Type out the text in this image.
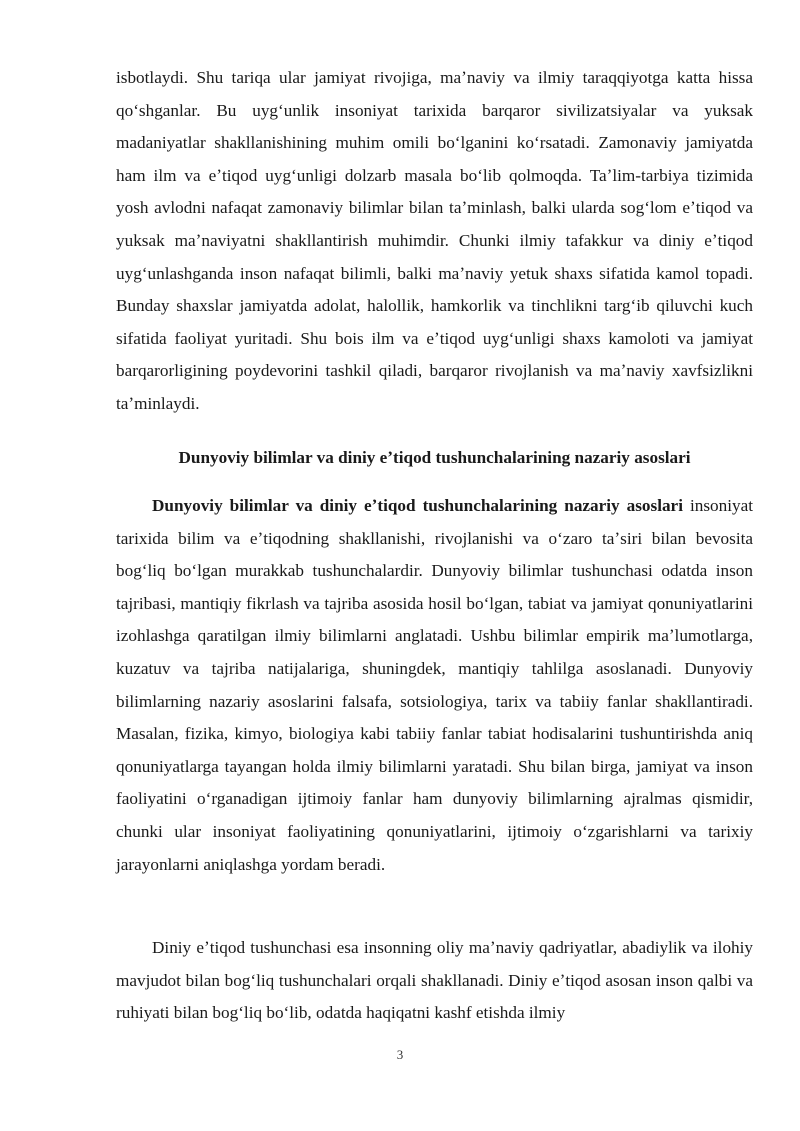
isbotlaydi. Shu tariqa ular jamiyat rivojiga, maʼnaviy va ilmiy taraqqiyotga katta hissa qoʻshganlar. Bu uygʻunlik insoniyat tarixida barqaror sivilizatsiyalar va yuksak madaniyatlar shakllanishining muhim omili boʻlganini koʻrsatadi. Zamonaviy jamiyatda ham ilm va eʼtiqod uygʻunligi dolzarb masala boʻlib qolmoqda. Taʼlim-tarbiya tizimida yosh avlodni nafaqat zamonaviy bilimlar bilan taʼminlash, balki ularda sogʻlom eʼtiqod va yuksak maʼnaviyatni shakllantirish muhimdir. Chunki ilmiy tafakkur va diniy eʼtiqod uygʻunlashganda inson nafaqat bilimli, balki maʼnaviy yetuk shaxs sifatida kamol topadi. Bunday shaxslar jamiyatda adolat, halollik, hamkorlik va tinchlikni targʻib qiluvchi kuch sifatida faoliyat yuritadi. Shu bois ilm va eʼtiqod uygʻunligi shaxs kamoloti va jamiyat barqarorligining poydevorini tashkil qiladi, barqaror rivojlanish va maʼnaviy xavfsizlikni taʼminlaydi.

Dunyoviy bilimlar va diniy eʼtiqod tushunchalarining nazariy asoslari

Dunyoviy bilimlar va diniy eʼtiqod tushunchalarining nazariy asoslari insoniyat tarixida bilim va eʼtiqodning shakllanishi, rivojlanishi va oʻzaro taʼsiri bilan bevosita bogʻliq boʻlgan murakkab tushunchalardir. Dunyoviy bilimlar tushunchasi odatda inson tajribasi, mantiqiy fikrlash va tajriba asosida hosil boʻlgan, tabiat va jamiyat qonuniyatlarini izohlashga qaratilgan ilmiy bilimlarni anglatadi. Ushbu bilimlar empirik maʼlumotlarga, kuzatuv va tajriba natijalariga, shuningdek, mantiqiy tahlilga asoslanadi. Dunyoviy bilimlarning nazariy asoslarini falsafa, sotsiologiya, tarix va tabiiy fanlar shakllantiradi. Masalan, fizika, kimyo, biologiya kabi tabiiy fanlar tabiat hodisalarini tushuntirishda aniq qonuniyatlarga tayangan holda ilmiy bilimlarni yaratadi. Shu bilan birga, jamiyat va inson faoliyatini oʻrganadigan ijtimoiy fanlar ham dunyoviy bilimlarning ajralmas qismidir, chunki ular insoniyat faoliyatining qonuniyatlarini, ijtimoiy oʻzgarishlarni va tarixiy jarayonlarni aniqlashga yordam beradi.

Diniy eʼtiqod tushunchasi esa insonning oliy maʼnaviy qadriyatlar, abadiylik va ilohiy mavjudot bilan bogʻliq tushunchalari orqali shakllanadi. Diniy eʼtiqod asosan inson qalbi va ruhiyati bilan bogʻliq boʻlib, odatda haqiqatni kashf etishda ilmiy

3
